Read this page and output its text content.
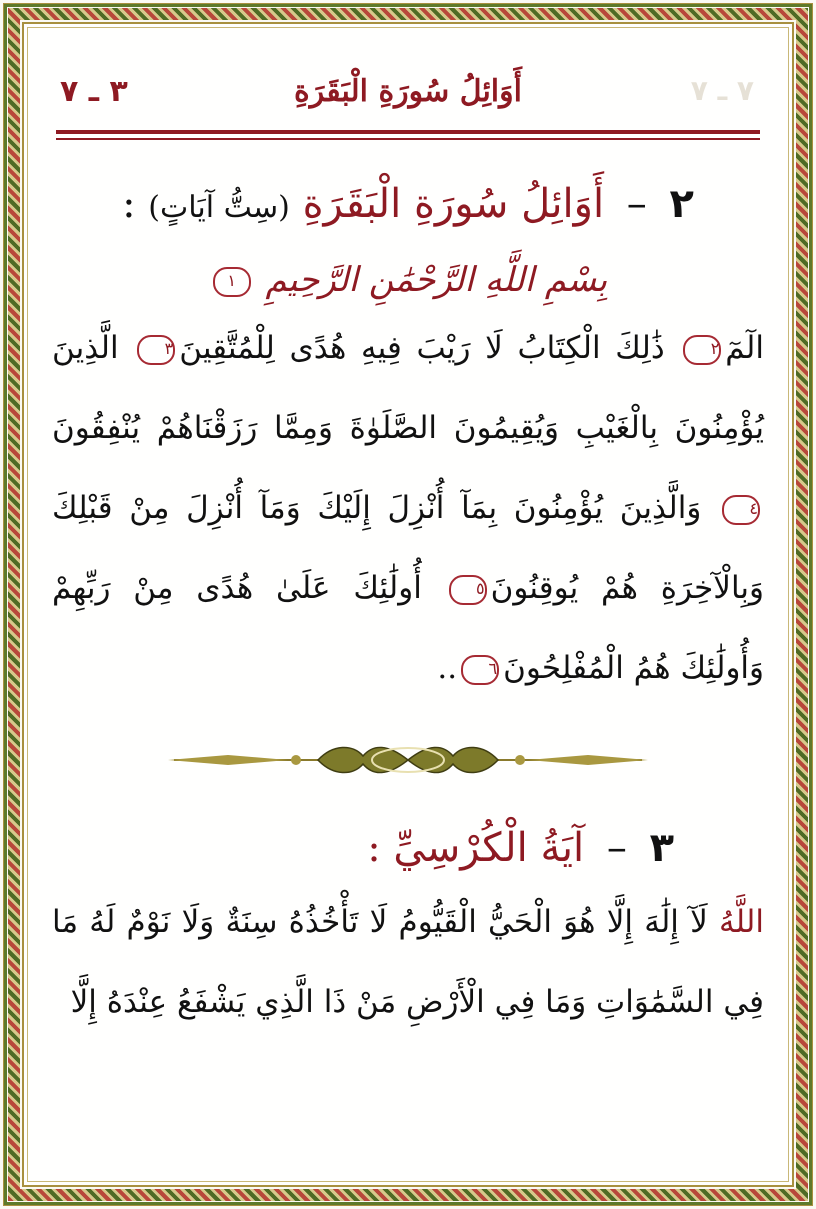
٧ ـ ٧
أَوَائِلُ سُورَةِ الْبَقَرَةِ
٣ ـ ٧
٢ – أَوَائِلُ سُورَةِ الْبَقَرَةِ (سِتُّ آيَاتٍ) :
بِسْمِ اللَّهِ الرَّحْمَٰنِ الرَّحِيمِ ١
الٓمٓ٢ ذَٰلِكَ الْكِتَابُ لَا رَيْبَ فِيهِ هُدًى لِلْمُتَّقِينَ٣ الَّذِينَ يُؤْمِنُونَ بِالْغَيْبِ وَيُقِيمُونَ الصَّلَوٰةَ وَمِمَّا رَزَقْنَاهُمْ يُنْفِقُونَ٤ وَالَّذِينَ يُؤْمِنُونَ بِمَآ أُنْزِلَ إِلَيْكَ وَمَآ أُنْزِلَ مِنْ قَبْلِكَ وَبِالْآخِرَةِ هُمْ يُوقِنُونَ٥ أُولَٰئِكَ عَلَىٰ هُدًى مِنْ رَبِّهِمْ وَأُولَٰئِكَ هُمُ الْمُفْلِحُونَ٦..
٣ – آيَةُ الْكُرْسِيِّ :
اللَّهُ لَآ إِلَٰهَ إِلَّا هُوَ الْحَيُّ الْقَيُّومُ لَا تَأْخُذُهُ سِنَةٌ وَلَا نَوْمٌ لَهُ مَا فِي السَّمَٰوَاتِ وَمَا فِي الْأَرْضِ مَنْ ذَا الَّذِي يَشْفَعُ عِنْدَهُ إِلَّا
